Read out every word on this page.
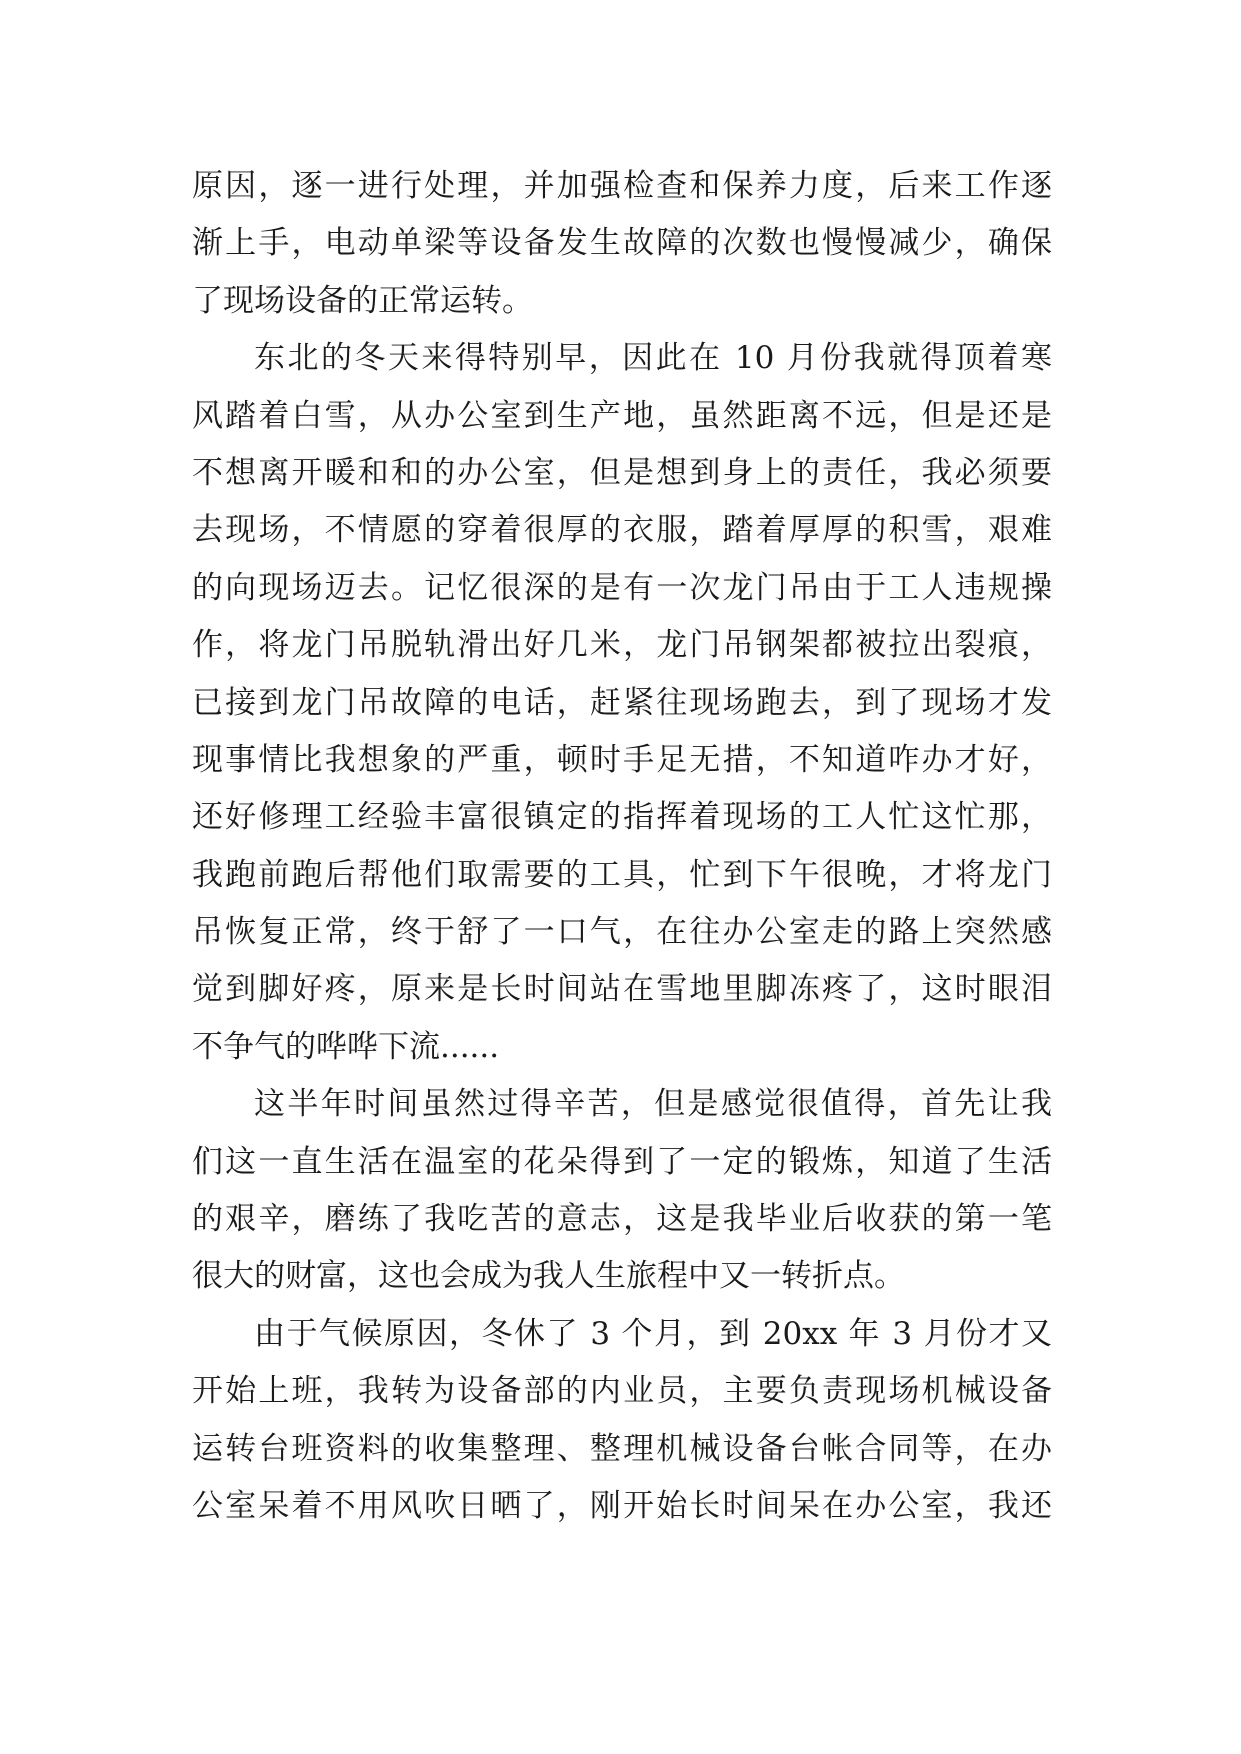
原因，逐一进行处理，并加强检查和保养力度，后来工作逐
渐上手，电动单梁等设备发生故障的次数也慢慢减少，确保
了现场设备的正常运转。
东北的冬天来得特别早，因此在 10 月份我就得顶着寒
风踏着白雪，从办公室到生产地，虽然距离不远，但是还是
不想离开暖和和的办公室，但是想到身上的责任，我必须要
去现场，不情愿的穿着很厚的衣服，踏着厚厚的积雪，艰难
的向现场迈去。记忆很深的是有一次龙门吊由于工人违规操
作，将龙门吊脱轨滑出好几米，龙门吊钢架都被拉出裂痕，
已接到龙门吊故障的电话，赶紧往现场跑去，到了现场才发
现事情比我想象的严重，顿时手足无措，不知道咋办才好，
还好修理工经验丰富很镇定的指挥着现场的工人忙这忙那，
我跑前跑后帮他们取需要的工具，忙到下午很晚，才将龙门
吊恢复正常，终于舒了一口气，在往办公室走的路上突然感
觉到脚好疼，原来是长时间站在雪地里脚冻疼了，这时眼泪
不争气的哗哗下流......
这半年时间虽然过得辛苦，但是感觉很值得，首先让我
们这一直生活在温室的花朵得到了一定的锻炼，知道了生活
的艰辛，磨练了我吃苦的意志，这是我毕业后收获的第一笔
很大的财富，这也会成为我人生旅程中又一转折点。
由于气候原因，冬休了 3 个月，到 20xx 年 3 月份才又
开始上班，我转为设备部的内业员，主要负责现场机械设备
运转台班资料的收集整理、整理机械设备台帐合同等，在办
公室呆着不用风吹日晒了，刚开始长时间呆在办公室，我还
